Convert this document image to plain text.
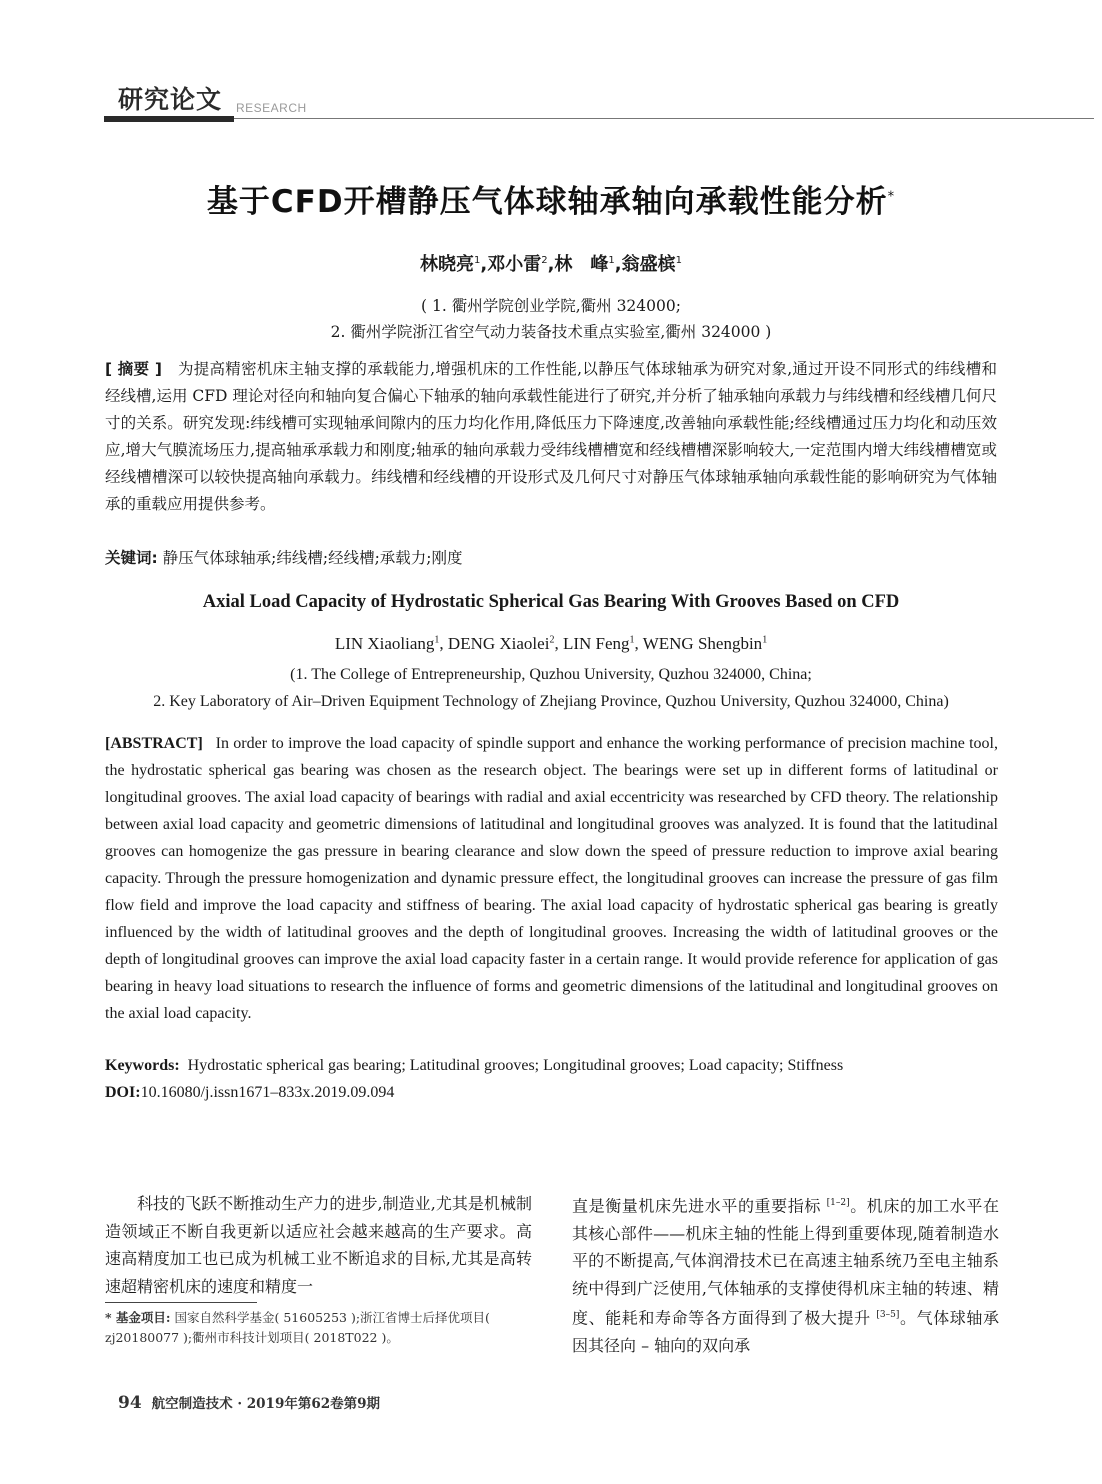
研究论文 RESEARCH
基于CFD开槽静压气体球轴承轴向承载性能分析*
林晓亮$^1$,邓小雷$^2$,林　峰$^1$,翁盛槟$^1$
( 1. 衢州学院创业学院,衢州 324000;
2. 衢州学院浙江省空气动力装备技术重点实验室,衢州 324000 )
[ 摘要 ]　 为提高精密机床主轴支撑的承载能力,增强机床的工作性能,以静压气体球轴承为研究对象,通过开设不同形式的纬线槽和经线槽,运用 CFD 理论对径向和轴向复合偏心下轴承的轴向承载性能进行了研究,并分析了轴承轴向承载力与纬线槽和经线槽几何尺寸的关系。研究发现:纬线槽可实现轴承间隙内的压力均化作用,降低压力下降速度,改善轴向承载性能;经线槽通过压力均化和动压效应,增大气膜流场压力,提高轴承承载力和刚度;轴承的轴向承载力受纬线槽槽宽和经线槽槽深影响较大,一定范围内增大纬线槽槽宽或经线槽槽深可以较快提高轴向承载力。纬线槽和经线槽的开设形式及几何尺寸对静压气体球轴承轴向承载性能的影响研究为气体轴承的重载应用提供参考。
关键词: 静压气体球轴承;纬线槽;经线槽;承载力;刚度
Axial Load Capacity of Hydrostatic Spherical Gas Bearing With Grooves Based on CFD
LIN Xiaoliang$^1$, DENG Xiaolei$^2$, LIN Feng$^1$, WENG Shengbin$^1$
(1. The College of Entrepreneurship, Quzhou University, Quzhou 324000, China;
2. Key Laboratory of Air–Driven Equipment Technology of Zhejiang Province, Quzhou University, Quzhou 324000, China)
[ABSTRACT] In order to improve the load capacity of spindle support and enhance the working performance of precision machine tool, the hydrostatic spherical gas bearing was chosen as the research object. The bearings were set up in different forms of latitudinal or longitudinal grooves. The axial load capacity of bearings with radial and axial eccentricity was researched by CFD theory. The relationship between axial load capacity and geometric dimensions of latitudinal and longitudinal grooves was analyzed. It is found that the latitudinal grooves can homogenize the gas pressure in bearing clearance and slow down the speed of pressure reduction to improve axial bearing capacity. Through the pressure homogenization and dynamic pressure effect, the longitudinal grooves can increase the pressure of gas film flow field and improve the load capacity and stiffness of bearing. The axial load capacity of hydrostatic spherical gas bearing is greatly influenced by the width of latitudinal grooves and the depth of longitudinal grooves. Increasing the width of latitudinal grooves or the depth of longitudinal grooves can improve the axial load capacity faster in a certain range. It would provide reference for application of gas bearing in heavy load situations to research the influence of forms and geometric dimensions of the latitudinal and longitudinal grooves on the axial load capacity.
Keywords: Hydrostatic spherical gas bearing; Latitudinal grooves; Longitudinal grooves; Load capacity; Stiffness
DOI:10.16080/j.issn1671–833x.2019.09.094
科技的飞跃不断推动生产力的进步,制造业,尤其是机械制造领域正不断自我更新以适应社会越来越高的生产要求。高速高精度加工也已成为机械工业不断追求的目标,尤其是高转速超精密机床的速度和精度一
直是衡量机床先进水平的重要指标 [1–2]。机床的加工水平在其核心部件——机床主轴的性能上得到重要体现,随着制造水平的不断提高,气体润滑技术已在高速主轴系统乃至电主轴系统中得到广泛使用,气体轴承的支撑使得机床主轴的转速、精度、能耗和寿命等各方面得到了极大提升 [3–5]。气体球轴承因其径向 – 轴向的双向承
* 基金项目: 国家自然科学基金( 51605253 );浙江省博士后择优项目( zj20180077 );衢州市科技计划项目( 2018T022 )。
94 航空制造技术 · 2019年第62卷第9期
